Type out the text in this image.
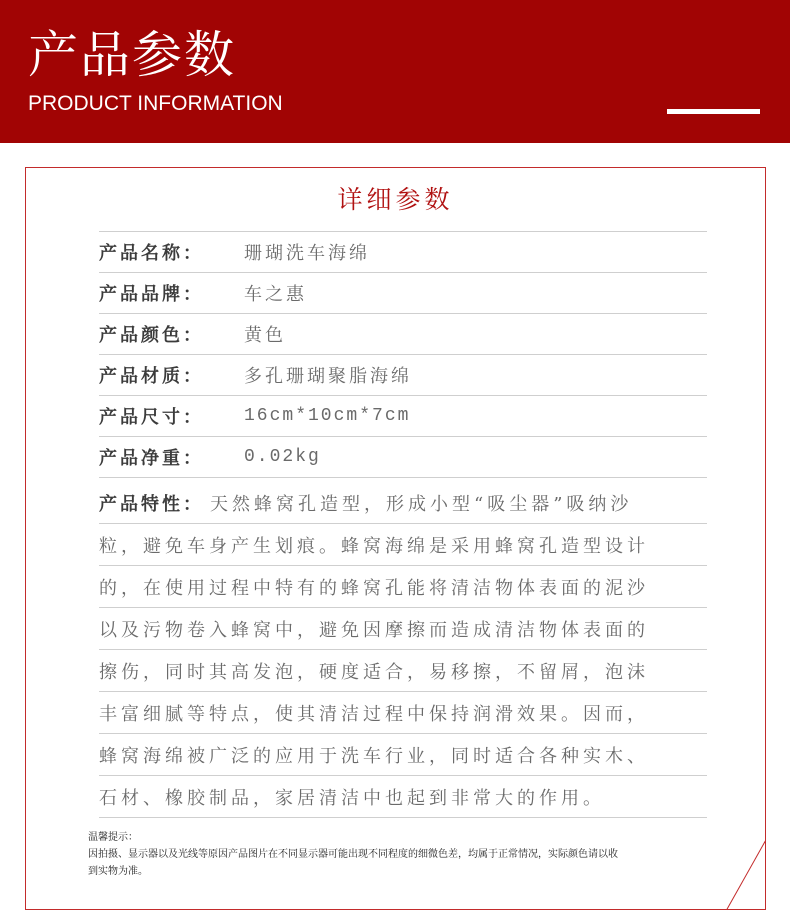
产品参数
PRODUCT INFORMATION
详细参数
产品名称：	珊瑚洗车海绵
产品品牌：	车之惠
产品颜色：	黄色
产品材质：	多孔珊瑚聚脂海绵
产品尺寸：	16cm*10cm*7cm
产品净重：	0.02kg
产品特性： 天然蜂窝孔造型，形成小型“吸尘器”吸纳沙
粒，避免车身产生划痕。蜂窝海绵是采用蜂窝孔造型设计
的，在使用过程中特有的蜂窝孔能将清洁物体表面的泥沙
以及污物卷入蜂窝中，避免因摩擦而造成清洁物体表面的
擦伤，同时其高发泡，硬度适合，易移擦，不留屑，泡沫
丰富细腻等特点，使其清洁过程中保持润滑效果。因而，
蜂窝海绵被广泛的应用于洗车行业，同时适合各种实木、
石材、橡胶制品，家居清洁中也起到非常大的作用。
温馨提示：
因拍摄、显示器以及光线等原因产品图片在不同显示器可能出现不同程度的细微色差，均属于正常情况，实际颜色请以收
到实物为准。
